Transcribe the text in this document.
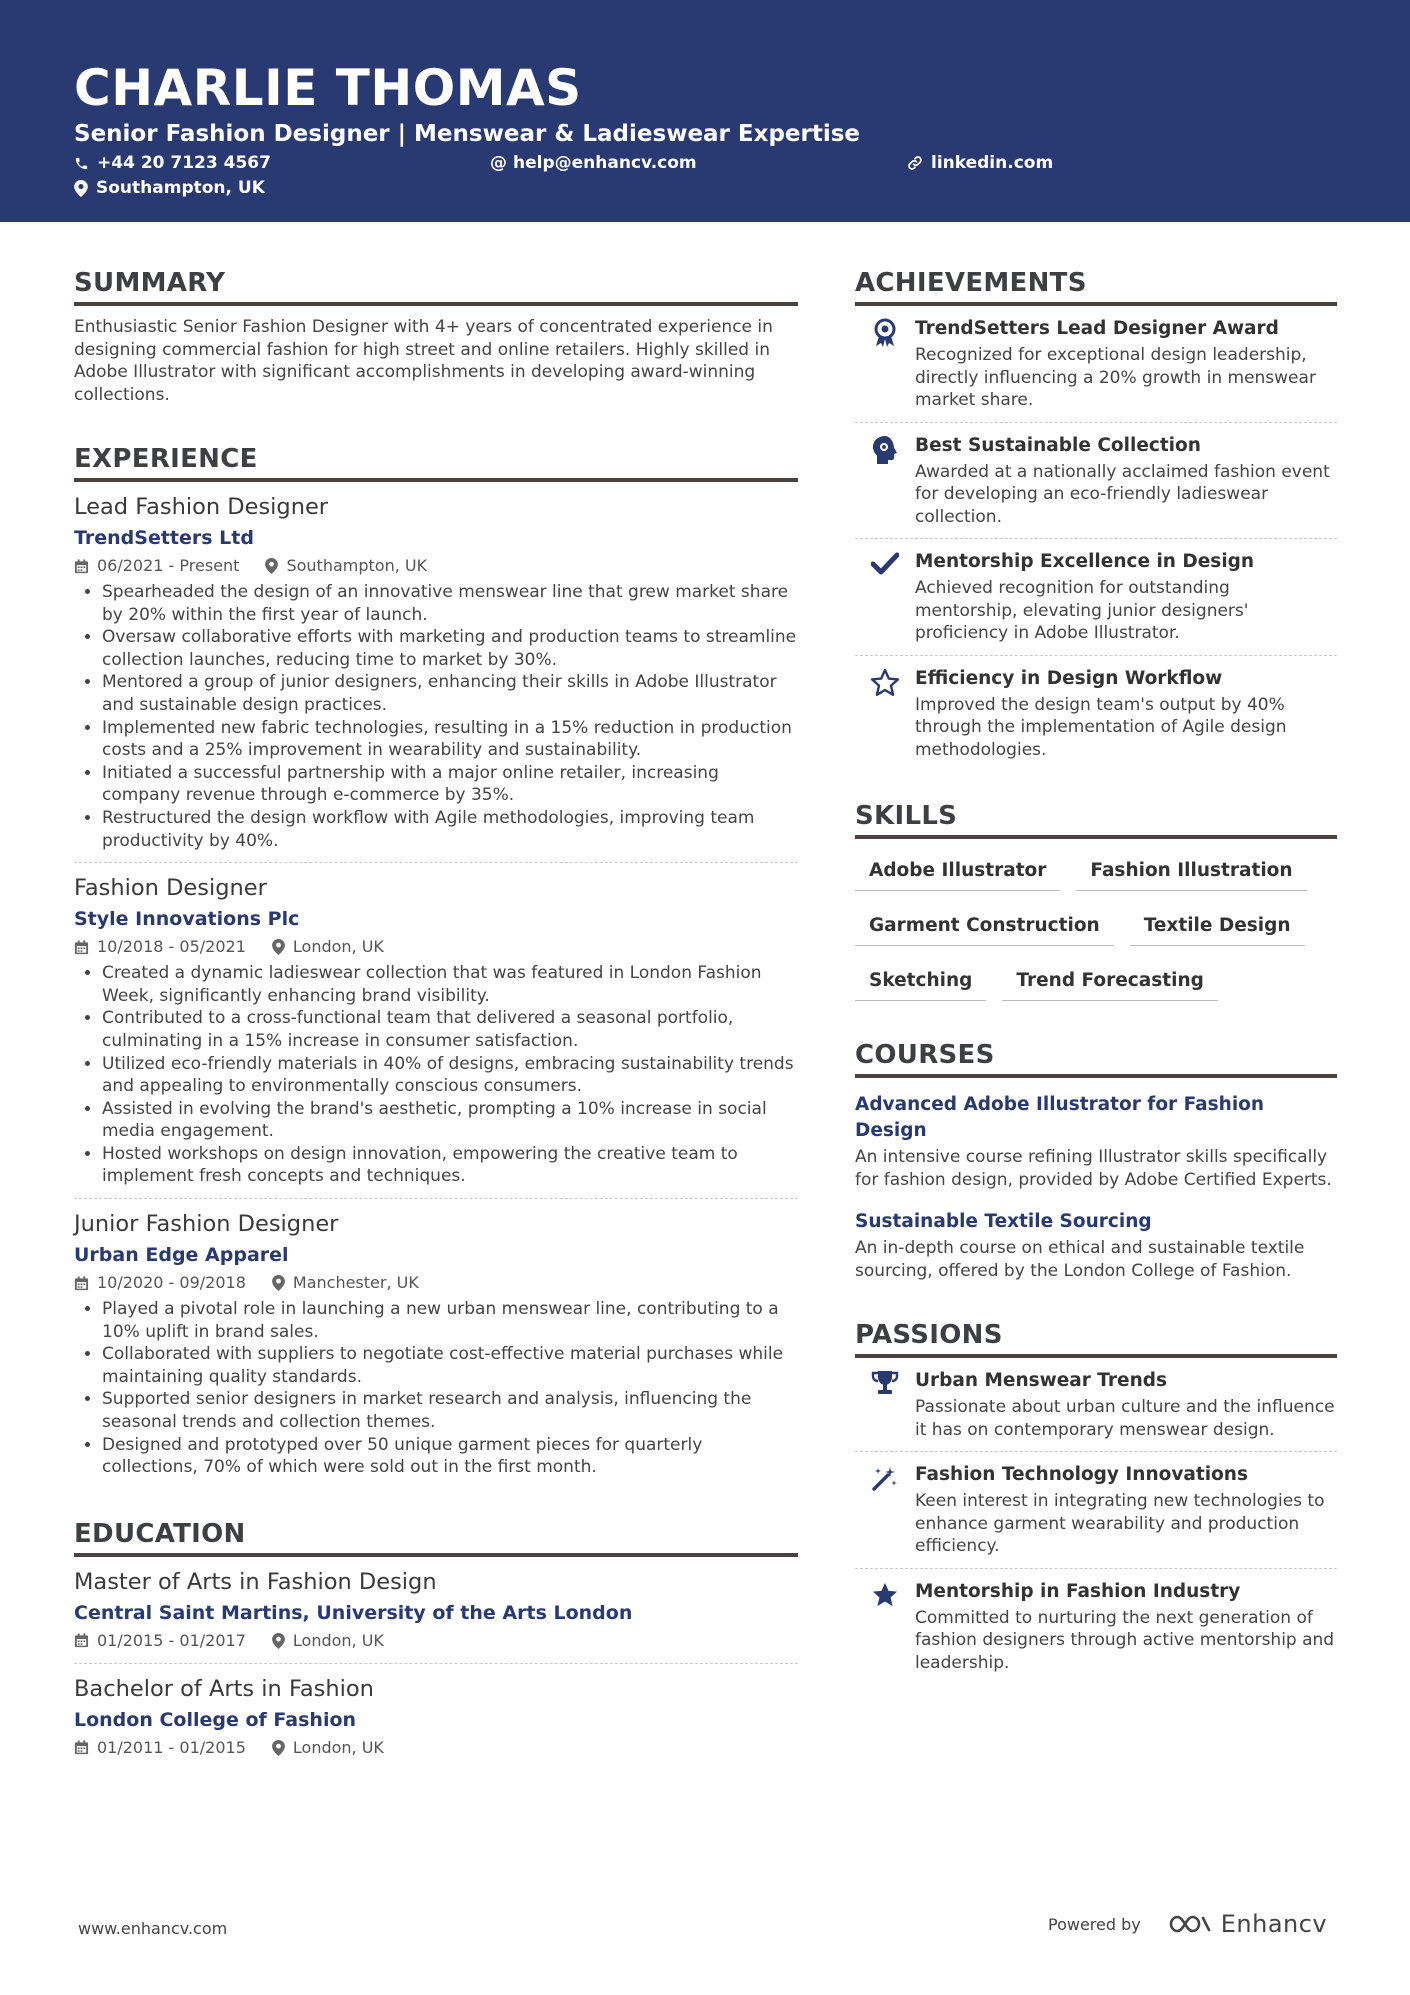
CHARLIE THOMAS
Senior Fashion Designer | Menswear & Ladieswear Expertise
+44 20 7123 4567	@ help@enhancv.com	linkedin.com
Southampton, UK
SUMMARY
Enthusiastic Senior Fashion Designer with 4+ years of concentrated experience in designing commercial fashion for high street and online retailers. Highly skilled in Adobe Illustrator with significant accomplishments in developing award-winning collections.
EXPERIENCE
Lead Fashion Designer
TrendSetters Ltd
06/2021 - Present	Southampton, UK
• Spearheaded the design of an innovative menswear line that grew market share by 20% within the first year of launch.
• Oversaw collaborative efforts with marketing and production teams to streamline collection launches, reducing time to market by 30%.
• Mentored a group of junior designers, enhancing their skills in Adobe Illustrator and sustainable design practices.
• Implemented new fabric technologies, resulting in a 15% reduction in production costs and a 25% improvement in wearability and sustainability.
• Initiated a successful partnership with a major online retailer, increasing company revenue through e-commerce by 35%.
• Restructured the design workflow with Agile methodologies, improving team productivity by 40%.
Fashion Designer
Style Innovations Plc
10/2018 - 05/2021	London, UK
• Created a dynamic ladieswear collection that was featured in London Fashion Week, significantly enhancing brand visibility.
• Contributed to a cross-functional team that delivered a seasonal portfolio, culminating in a 15% increase in consumer satisfaction.
• Utilized eco-friendly materials in 40% of designs, embracing sustainability trends and appealing to environmentally conscious consumers.
• Assisted in evolving the brand's aesthetic, prompting a 10% increase in social media engagement.
• Hosted workshops on design innovation, empowering the creative team to implement fresh concepts and techniques.
Junior Fashion Designer
Urban Edge Apparel
10/2020 - 09/2018	Manchester, UK
• Played a pivotal role in launching a new urban menswear line, contributing to a 10% uplift in brand sales.
• Collaborated with suppliers to negotiate cost-effective material purchases while maintaining quality standards.
• Supported senior designers in market research and analysis, influencing the seasonal trends and collection themes.
• Designed and prototyped over 50 unique garment pieces for quarterly collections, 70% of which were sold out in the first month.
EDUCATION
Master of Arts in Fashion Design
Central Saint Martins, University of the Arts London
01/2015 - 01/2017	London, UK
Bachelor of Arts in Fashion
London College of Fashion
01/2011 - 01/2015	London, UK
ACHIEVEMENTS
TrendSetters Lead Designer Award
Recognized for exceptional design leadership, directly influencing a 20% growth in menswear market share.
Best Sustainable Collection
Awarded at a nationally acclaimed fashion event for developing an eco-friendly ladieswear collection.
Mentorship Excellence in Design
Achieved recognition for outstanding mentorship, elevating junior designers' proficiency in Adobe Illustrator.
Efficiency in Design Workflow
Improved the design team's output by 40% through the implementation of Agile design methodologies.
SKILLS
Adobe Illustrator	Fashion Illustration
Garment Construction	Textile Design
Sketching	Trend Forecasting
COURSES
Advanced Adobe Illustrator for Fashion Design
An intensive course refining Illustrator skills specifically for fashion design, provided by Adobe Certified Experts.
Sustainable Textile Sourcing
An in-depth course on ethical and sustainable textile sourcing, offered by the London College of Fashion.
PASSIONS
Urban Menswear Trends
Passionate about urban culture and the influence it has on contemporary menswear design.
Fashion Technology Innovations
Keen interest in integrating new technologies to enhance garment wearability and production efficiency.
Mentorship in Fashion Industry
Committed to nurturing the next generation of fashion designers through active mentorship and leadership.
www.enhancv.com	Powered by	Enhancv
